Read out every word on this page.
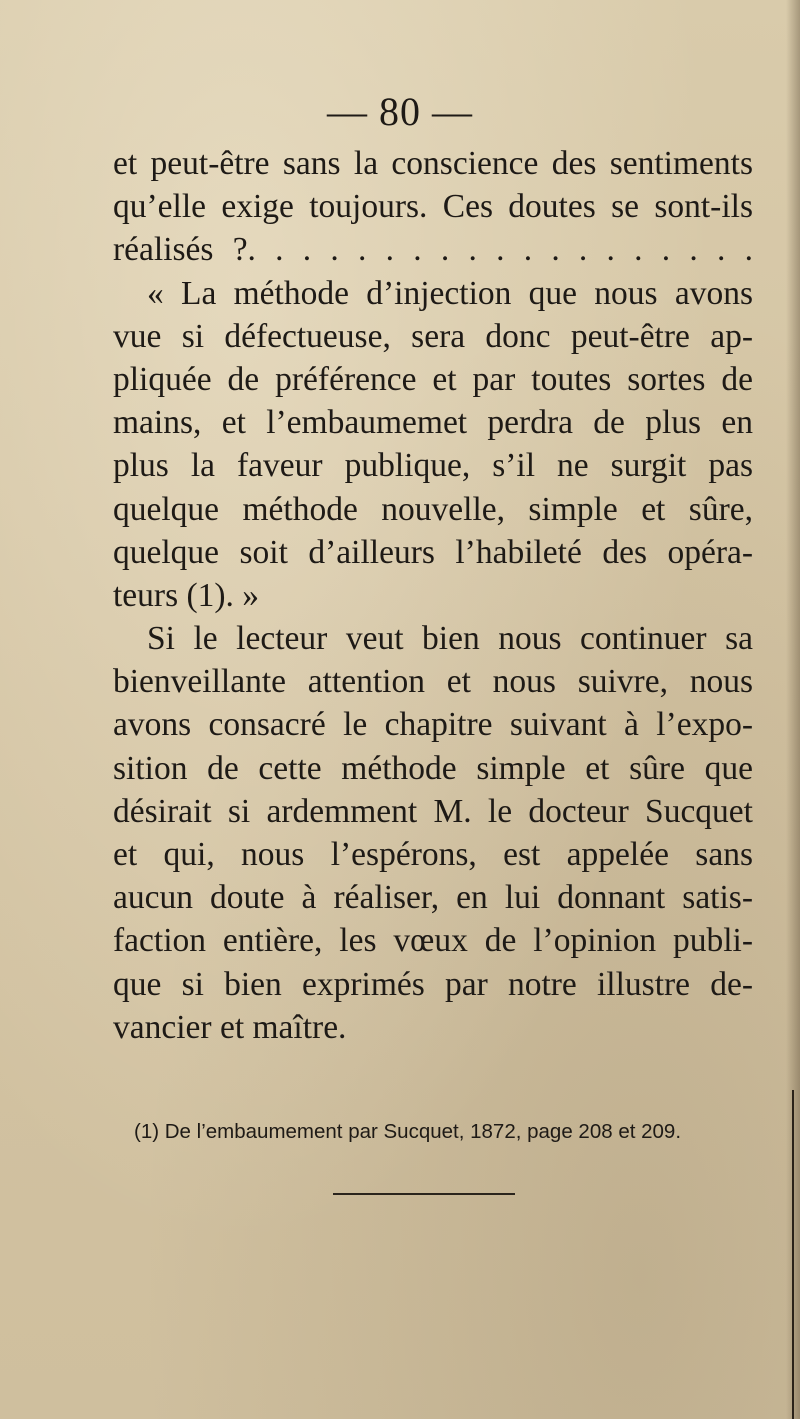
— 80 —
et peut-être sans la conscience des sentiments
qu’elle exige toujours. Ces doutes se sont-ils
réalisés ?. . . . . . . . . . . . . . . . . . .
« La méthode d’injection que nous avons
vue si défectueuse, sera donc peut-être ap-
pliquée de préférence et par toutes sortes de
mains, et l’embaumemet perdra de plus en
plus la faveur publique, s’il ne surgit pas
quelque méthode nouvelle, simple et sûre,
quelque soit d’ailleurs l’habileté des opéra-
teurs (1). »
Si le lecteur veut bien nous continuer sa
bienveillante attention et nous suivre, nous
avons consacré le chapitre suivant à l’expo-
sition de cette méthode simple et sûre que
désirait si ardemment M. le docteur Sucquet
et qui, nous l’espérons, est appelée sans
aucun doute à réaliser, en lui donnant satis-
faction entière, les vœux de l’opinion publi-
que si bien exprimés par notre illustre de-
vancier et maître.
(1) De l’embaumement par Sucquet, 1872, page 208 et 209.
